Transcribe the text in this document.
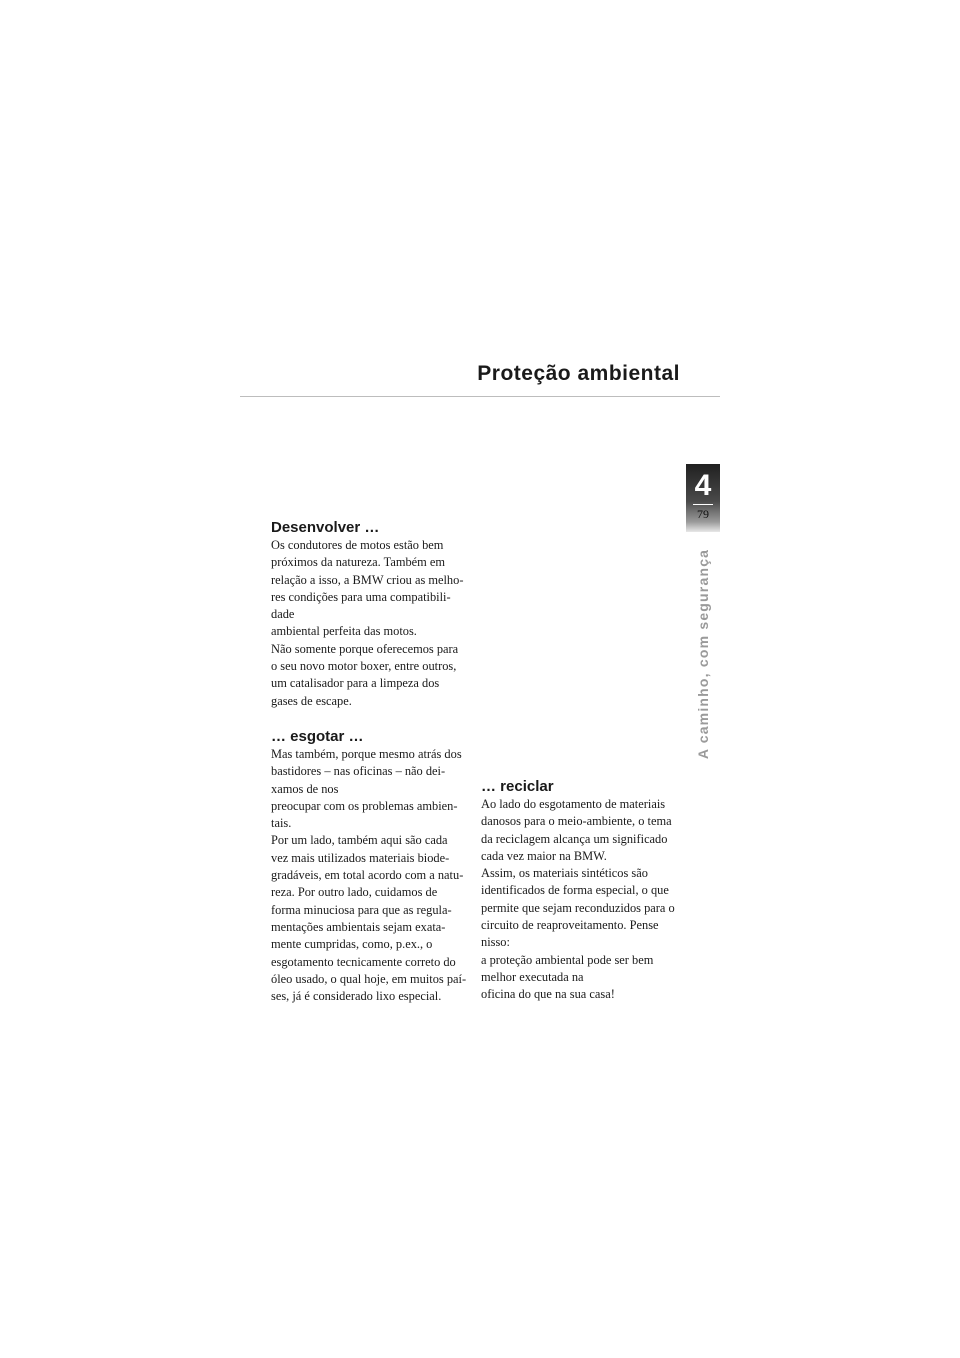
Proteção ambiental
4
79
A caminho, com segurança
Desenvolver …
Os condutores de motos estão bem
próximos da natureza. Também em
relação a isso, a BMW criou as melho-
res condições para uma compatibili-
dade
ambiental perfeita das motos.
Não somente porque oferecemos para
o seu novo motor boxer, entre outros,
um catalisador para a limpeza dos
gases de escape.
… esgotar …
Mas também, porque mesmo atrás dos
bastidores – nas oficinas – não dei-
xamos de nos
preocupar com os problemas ambien-
tais.
Por um lado, também aqui são cada
vez mais utilizados materiais biode-
gradáveis, em total acordo com a natu-
reza. Por outro lado, cuidamos de
forma minuciosa para que as regula-
mentações ambientais sejam exata-
mente cumpridas, como, p.ex., o
esgotamento tecnicamente correto do
óleo usado, o qual hoje, em muitos paí-
ses, já é considerado lixo especial.
… reciclar
Ao lado do esgotamento de materiais
danosos para o meio-ambiente, o tema
da reciclagem alcança um significado
cada vez maior na BMW.
Assim, os materiais sintéticos são
identificados de forma especial, o que
permite que sejam reconduzidos para o
circuito de reaproveitamento. Pense
nisso:
a proteção ambiental pode ser bem
melhor executada na
oficina do que na sua casa!
